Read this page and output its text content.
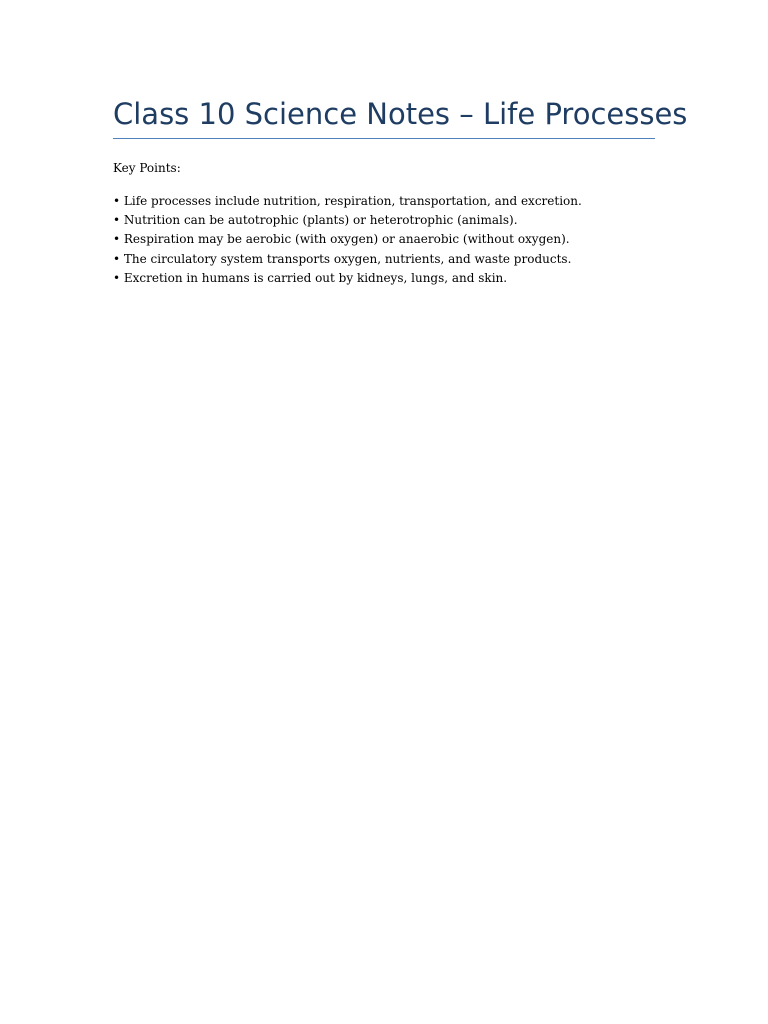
Class 10 Science Notes – Life Processes

Key Points:

• Life processes include nutrition, respiration, transportation, and excretion.
• Nutrition can be autotrophic (plants) or heterotrophic (animals).
• Respiration may be aerobic (with oxygen) or anaerobic (without oxygen).
• The circulatory system transports oxygen, nutrients, and waste products.
• Excretion in humans is carried out by kidneys, lungs, and skin.
